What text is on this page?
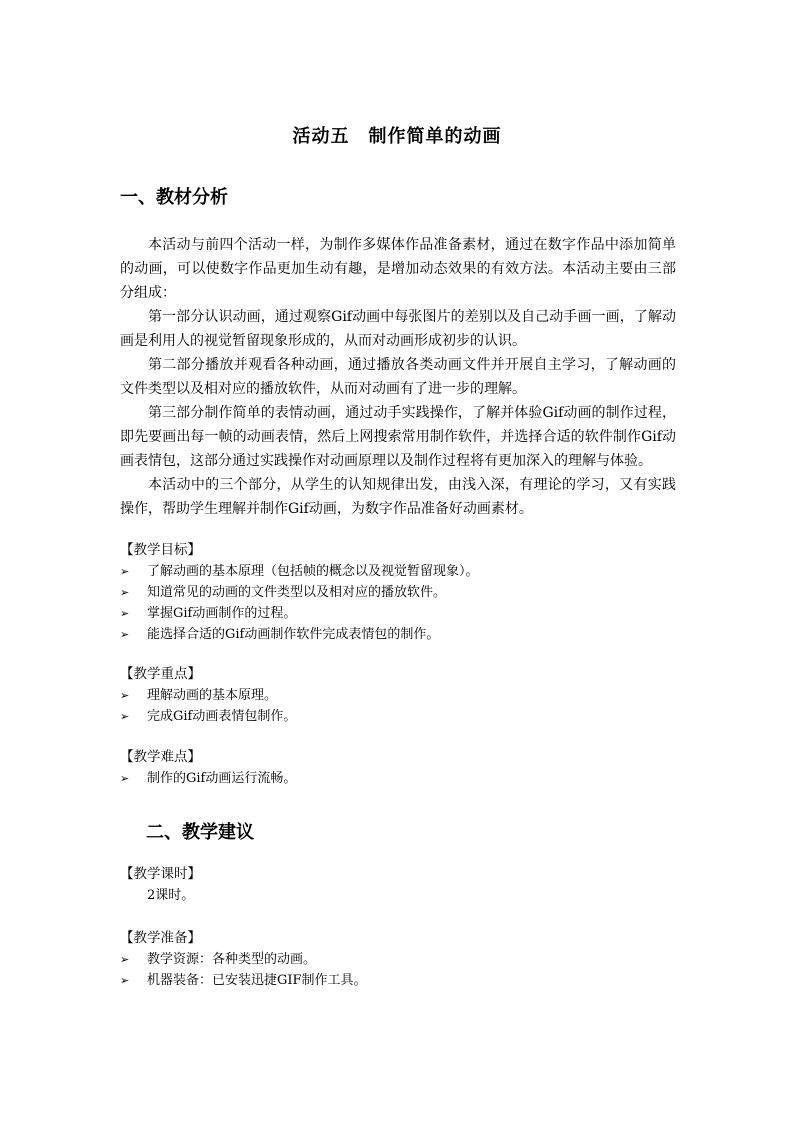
活动五　制作简单的动画
一、教材分析

本活动与前四个活动一样，为制作多媒体作品准备素材，通过在数字作品中添加简单的动画，可以使数字作品更加生动有趣，是增加动态效果的有效方法。本活动主要由三部分组成：

第一部分认识动画，通过观察Gif动画中每张图片的差别以及自己动手画一画，了解动画是利用人的视觉暂留现象形成的，从而对动画形成初步的认识。

第二部分播放并观看各种动画，通过播放各类动画文件并开展自主学习，了解动画的文件类型以及相对应的播放软件，从而对动画有了进一步的理解。

第三部分制作简单的表情动画，通过动手实践操作，了解并体验Gif动画的制作过程，即先要画出每一帧的动画表情，然后上网搜索常用制作软件，并选择合适的软件制作Gif动画表情包，这部分通过实践操作对动画原理以及制作过程将有更加深入的理解与体验。

本活动中的三个部分，从学生的认知规律出发，由浅入深，有理论的学习，又有实践操作，帮助学生理解并制作Gif动画，为数字作品准备好动画素材。

【教学目标】

➢	了解动画的基本原理（包括帧的概念以及视觉暂留现象）。
➢	知道常见的动画的文件类型以及相对应的播放软件。
➢	掌握Gif动画制作的过程。
➢	能选择合适的Gif动画制作软件完成表情包的制作。

【教学重点】

➢	理解动画的基本原理。
➢	完成Gif动画表情包制作。

【教学难点】

➢	制作的Gif动画运行流畅。
二、教学建议

【教学课时】

2课时。

【教学准备】

➢	教学资源：各种类型的动画。
➢	机器装备：已安装迅捷GIF制作工具。
